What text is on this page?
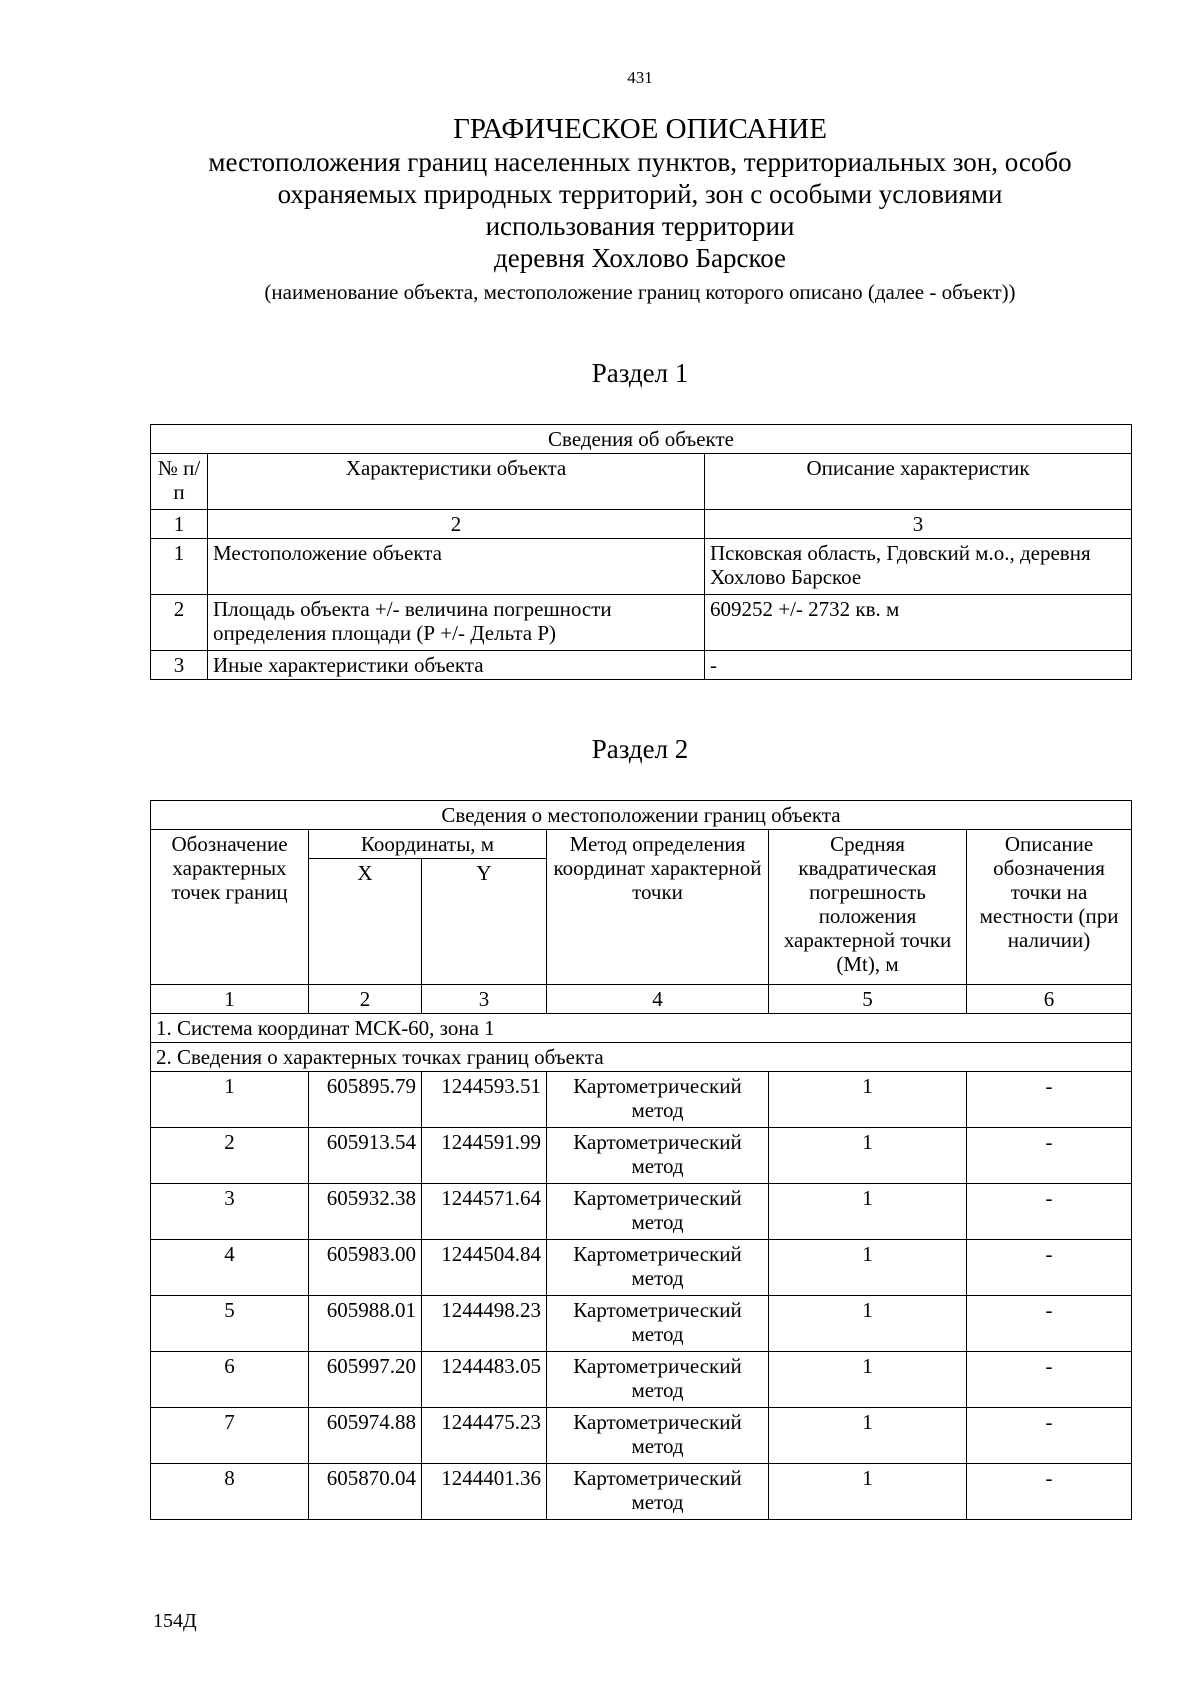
431
ГРАФИЧЕСКОЕ ОПИСАНИЕ
местоположения границ населенных пунктов, территориальных зон, особо
охраняемых природных территорий, зон с особыми условиями
использования территории
деревня Хохлово Барское
(наименование объекта, местоположение границ которого описано (далее - объект))
Раздел 1
Сведения об объекте		
№ п/п	Характеристики объекта	Описание характеристик
1	2	3
1	Местоположение объекта	Псковская область, Гдовский м.о., деревня Хохлово Барское
2	Площадь объекта +/- величина погрешности определения площади (Р +/- Дельта Р)	609252 +/- 2732 кв. м
3	Иные характеристики объекта	-
Раздел 2
Сведения о местоположении границ объекта					
Обозначение характерных точек границ	Координаты, м		Метод определения координат характерной точки	Средняя квадратическая погрешность положения характерной точки (Mt), м	Описание обозначения точки на местности (при наличии)
	X	Y			
1	2	3	4	5	6
1. Система координат МСК-60, зона 1					
2. Сведения о характерных точках границ объекта					
1	605895.79	1244593.51	Картометрический метод	1	-
2	605913.54	1244591.99	Картометрический метод	1	-
3	605932.38	1244571.64	Картометрический метод	1	-
4	605983.00	1244504.84	Картометрический метод	1	-
5	605988.01	1244498.23	Картометрический метод	1	-
6	605997.20	1244483.05	Картометрический метод	1	-
7	605974.88	1244475.23	Картометрический метод	1	-
8	605870.04	1244401.36	Картометрический метод	1	-
154Д
